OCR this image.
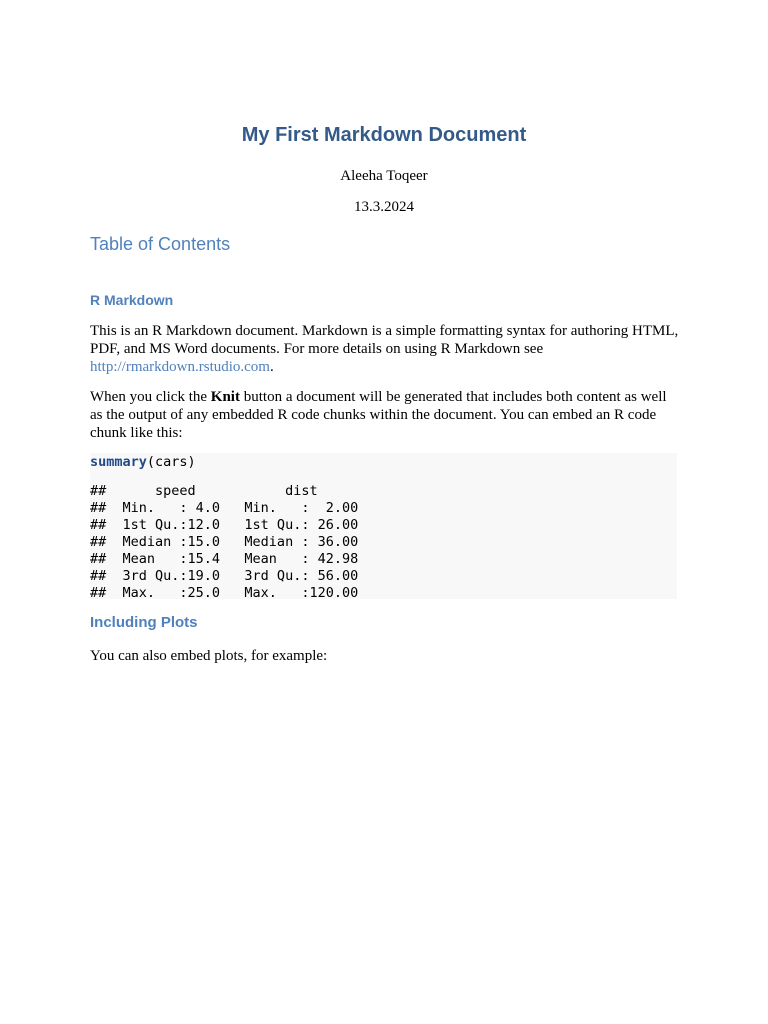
My First Markdown Document

Aleeha Toqeer

13.3.2024

Table of Contents
R Markdown

This is an R Markdown document. Markdown is a simple formatting syntax for authoring HTML, PDF, and MS Word documents. For more details on using R Markdown see http://rmarkdown.rstudio.com.

When you click the Knit button a document will be generated that includes both content as well as the output of any embedded R code chunks within the document. You can embed an R code chunk like this:

summary(cars)
##      speed           dist
##  Min.   : 4.0   Min.   :  2.00
##  1st Qu.:12.0   1st Qu.: 26.00
##  Median :15.0   Median : 36.00
##  Mean   :15.4   Mean   : 42.98
##  3rd Qu.:19.0   3rd Qu.: 56.00
##  Max.   :25.0   Max.   :120.00
Including Plots

You can also embed plots, for example:
